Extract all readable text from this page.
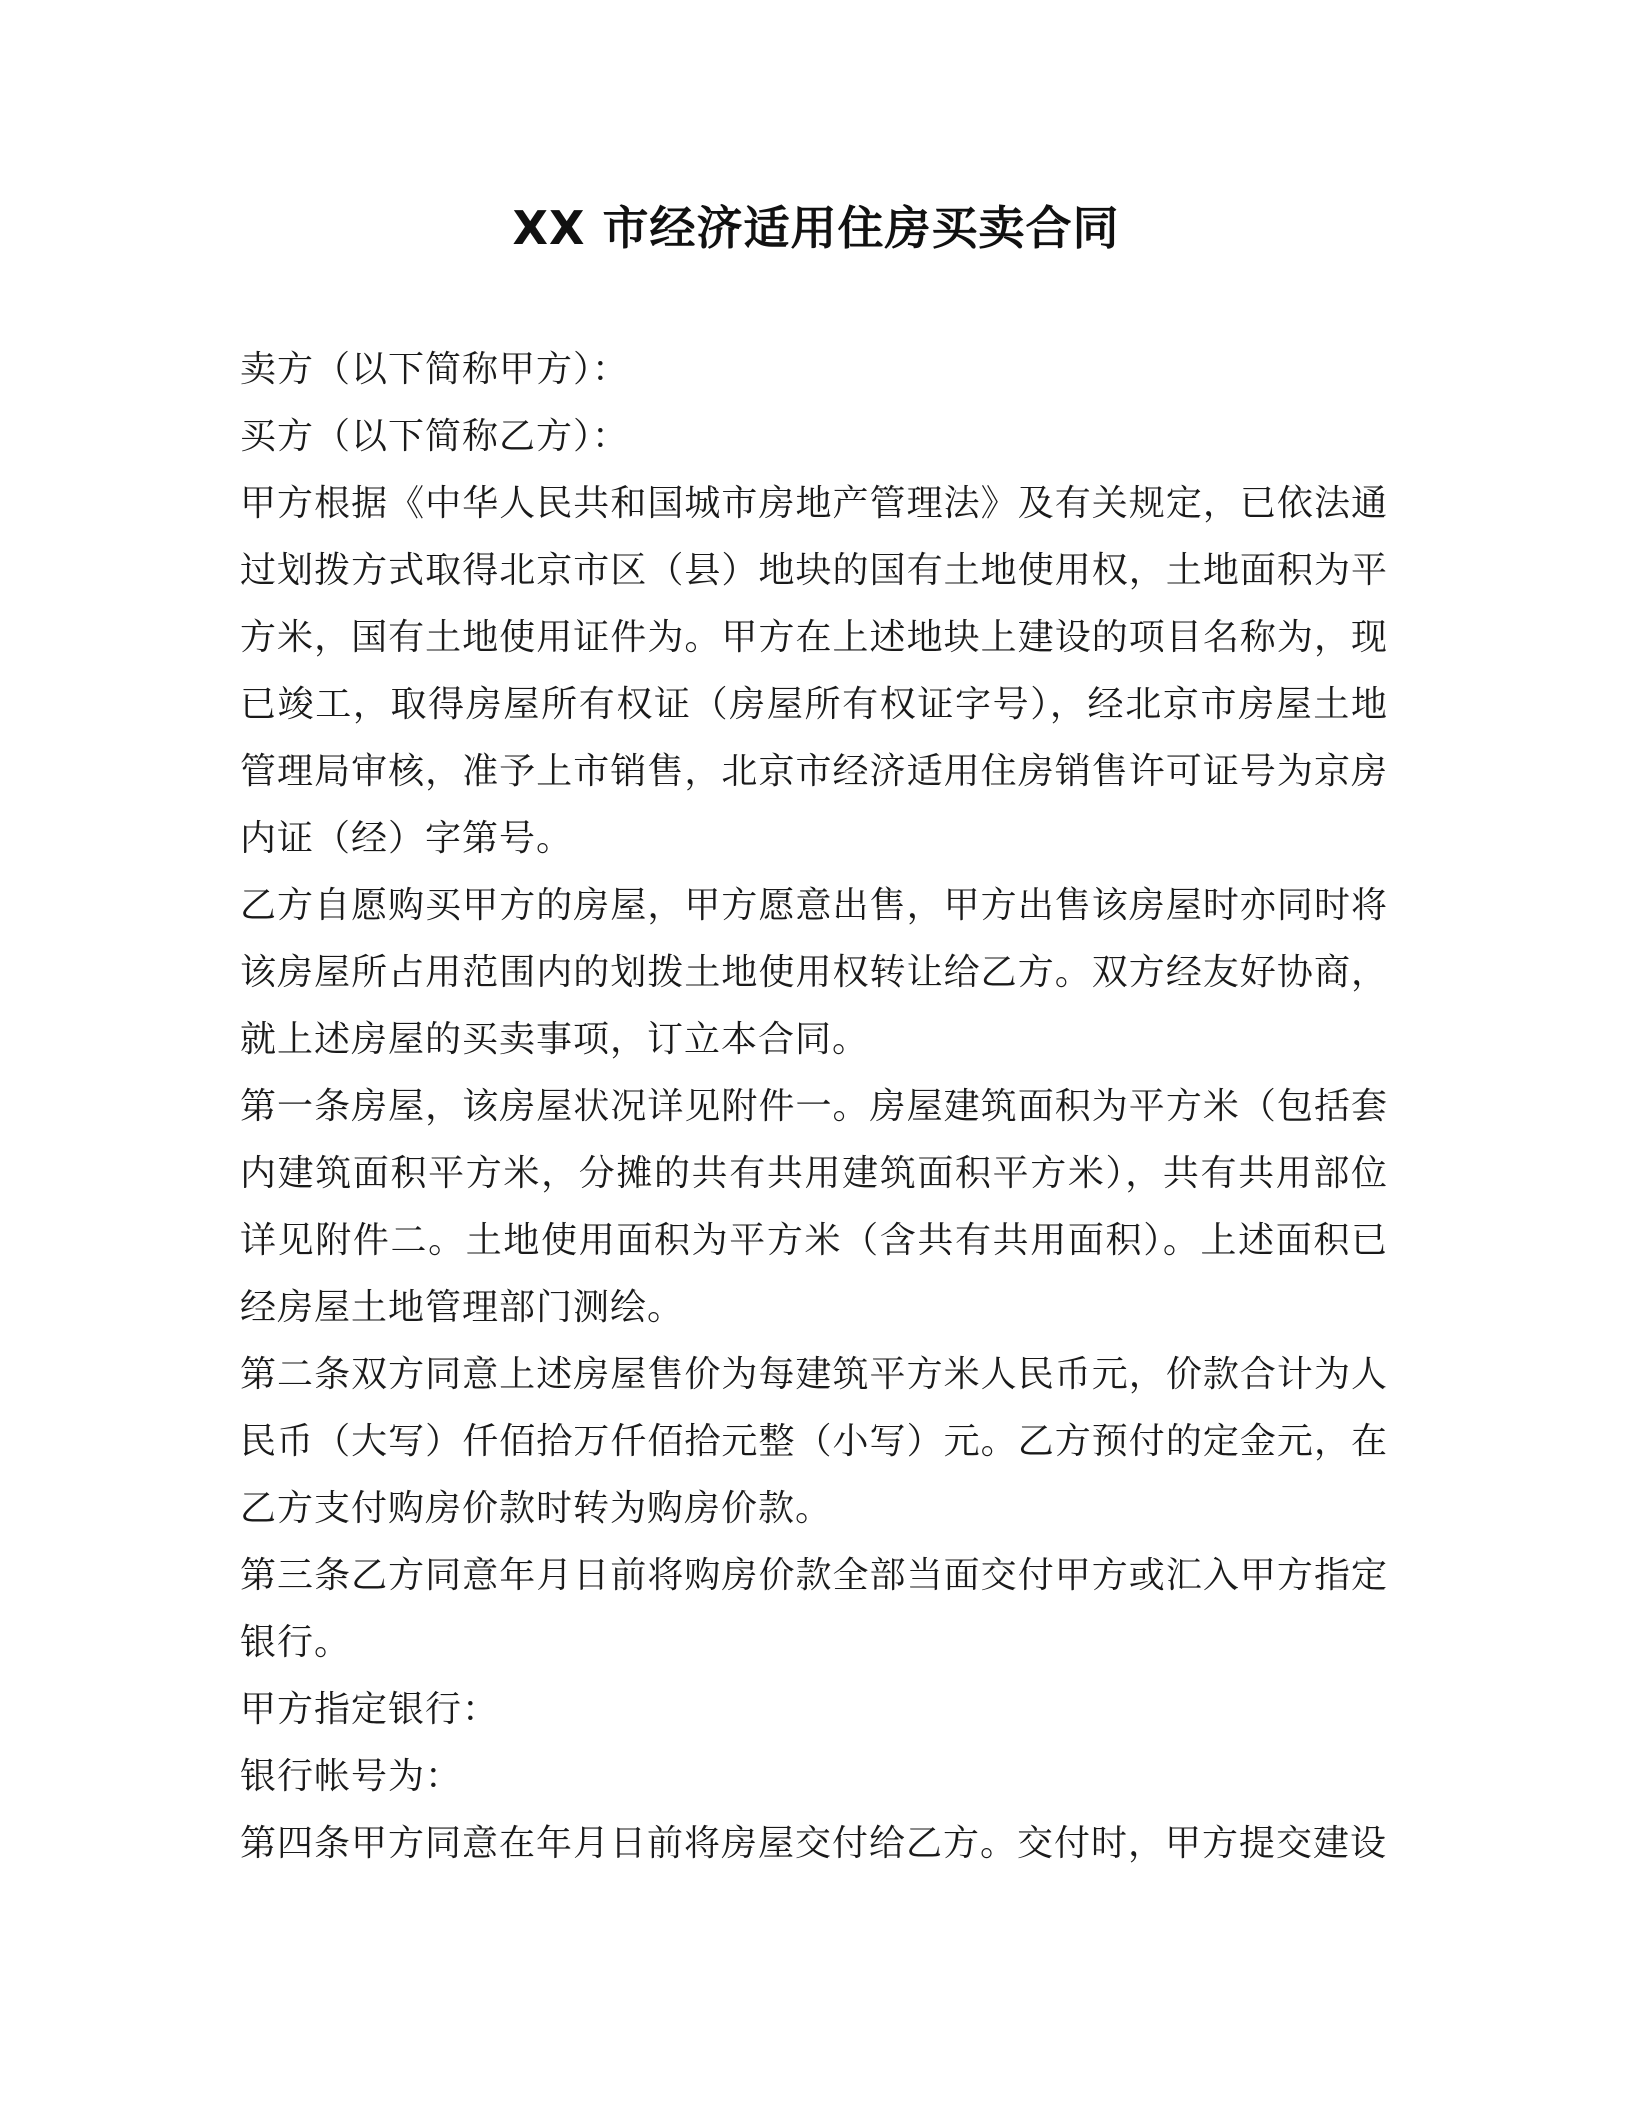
XX 市经济适用住房买卖合同

卖方（以下简称甲方）：

买方（以下简称乙方）：

甲方根据《中华人民共和国城市房地产管理法》及有关规定，已依法通过划拨方式取得北京市区（县）地块的国有土地使用权，土地面积为平方米，国有土地使用证件为。甲方在上述地块上建设的项目名称为，现已竣工，取得房屋所有权证（房屋所有权证字号），经北京市房屋土地管理局审核，准予上市销售，北京市经济适用住房销售许可证号为京房内证（经）字第号。

乙方自愿购买甲方的房屋，甲方愿意出售，甲方出售该房屋时亦同时将该房屋所占用范围内的划拨土地使用权转让给乙方。双方经友好协商，就上述房屋的买卖事项，订立本合同。

第一条房屋，该房屋状况详见附件一。房屋建筑面积为平方米（包括套内建筑面积平方米，分摊的共有共用建筑面积平方米），共有共用部位详见附件二。土地使用面积为平方米（含共有共用面积）。上述面积已经房屋土地管理部门测绘。

第二条双方同意上述房屋售价为每建筑平方米人民币元，价款合计为人民币（大写）仟佰拾万仟佰拾元整（小写）元。乙方预付的定金元，在乙方支付购房价款时转为购房价款。

第三条乙方同意年月日前将购房价款全部当面交付甲方或汇入甲方指定银行。

甲方指定银行：

银行帐号为：

第四条甲方同意在年月日前将房屋交付给乙方。交付时，甲方提交建设
